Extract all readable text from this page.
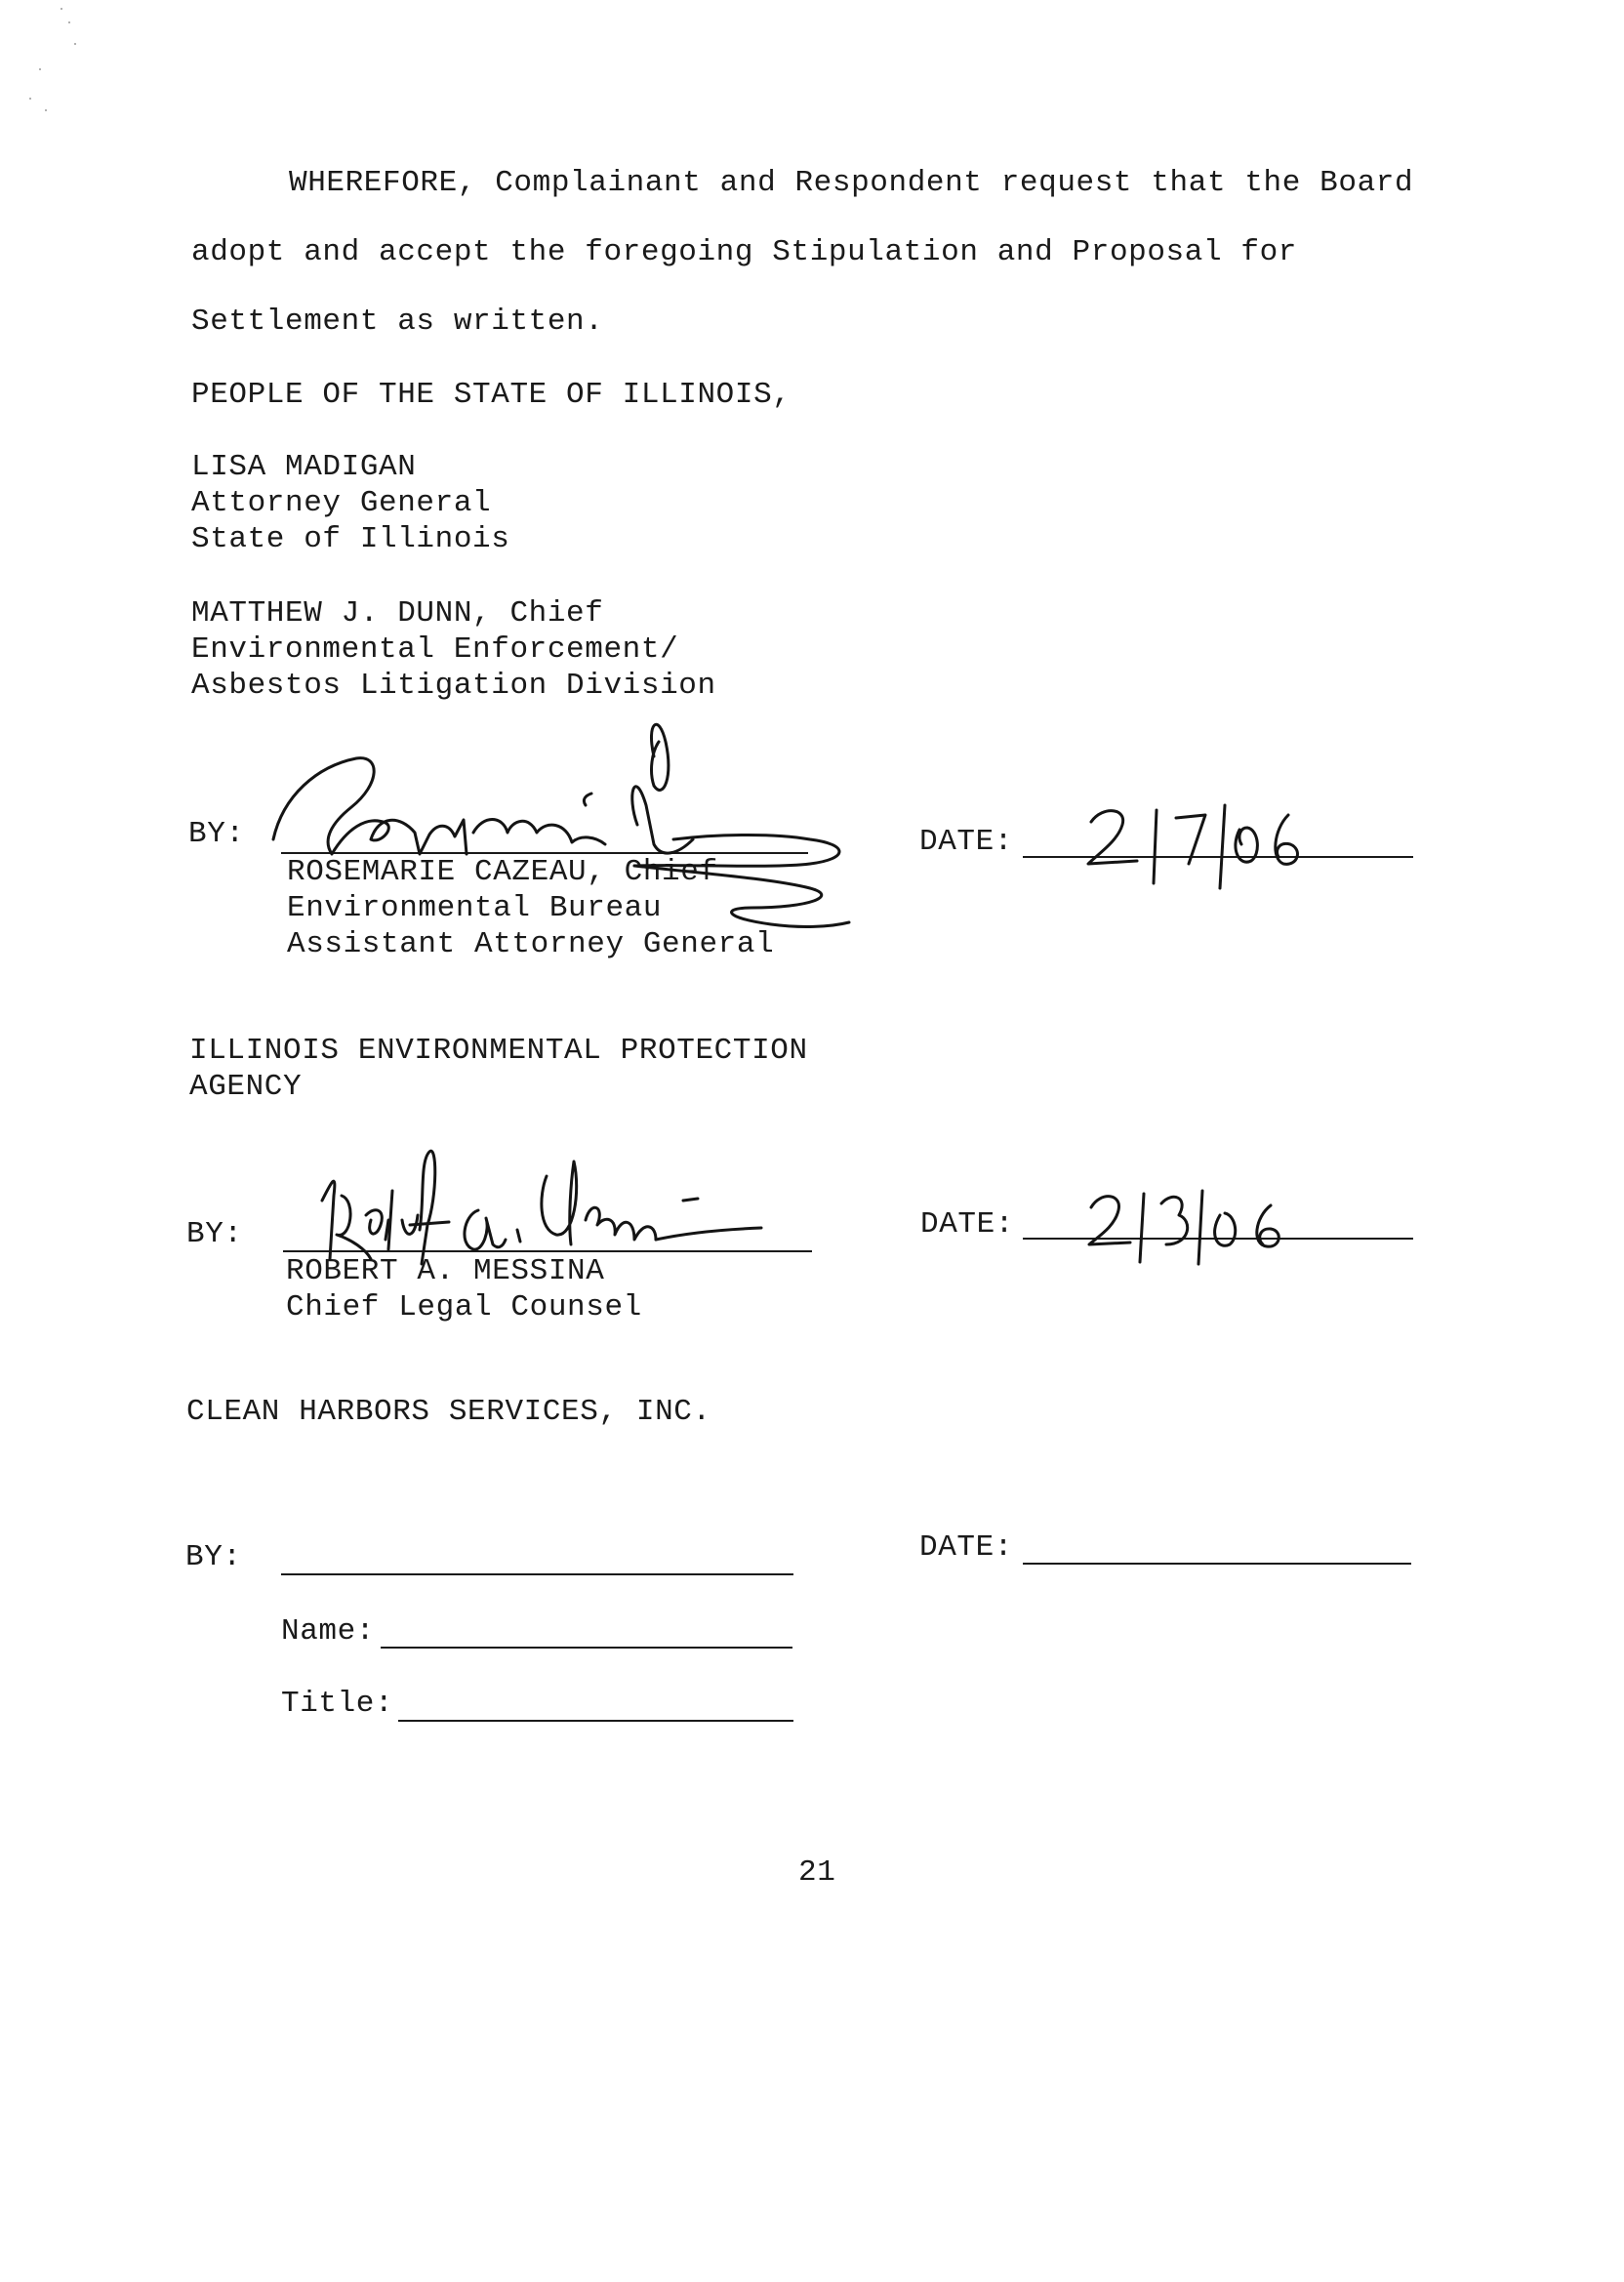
WHEREFORE, Complainant and Respondent request that the Board
adopt and accept the foregoing Stipulation and Proposal for
Settlement as written.
PEOPLE OF THE STATE OF ILLINOIS,
LISA MADIGAN
Attorney General
State of Illinois
MATTHEW J. DUNN, Chief
Environmental Enforcement/
Asbestos Litigation Division
BY:
ROSEMARIE CAZEAU, Chief
Environmental Bureau
Assistant Attorney General
DATE:
ILLINOIS ENVIRONMENTAL PROTECTION
AGENCY
BY:
ROBERT A. MESSINA
Chief Legal Counsel
DATE:
CLEAN HARBORS SERVICES, INC.
BY:	DATE:
Name:
Title:
21
